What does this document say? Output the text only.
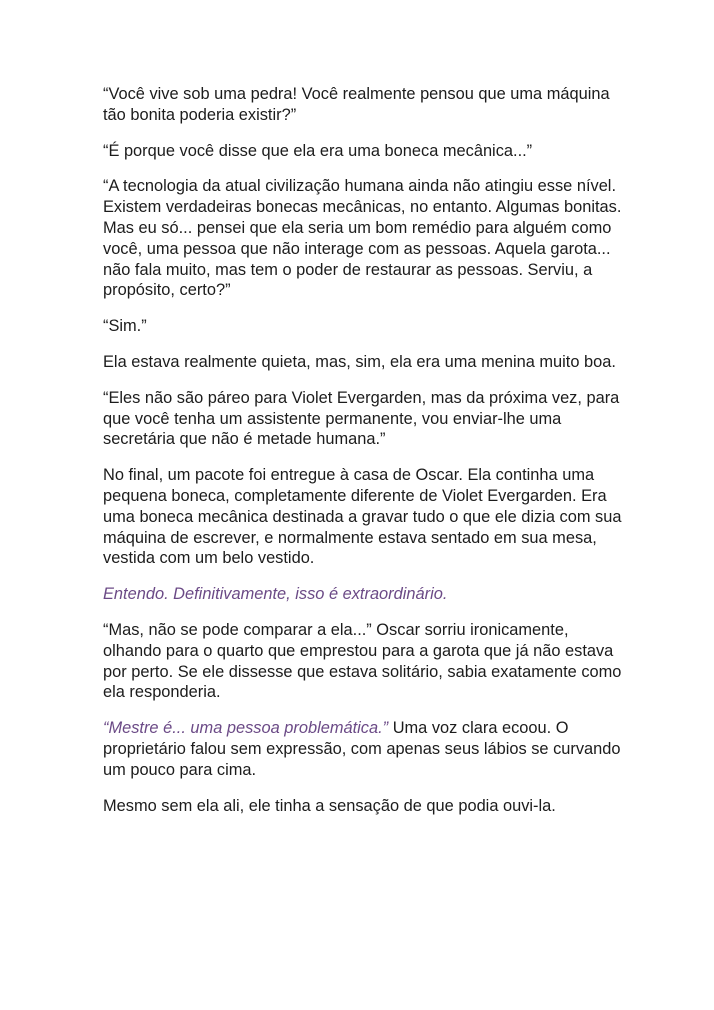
“Você vive sob uma pedra! Você realmente pensou que uma máquina tão bonita poderia existir?”

“É porque você disse que ela era uma boneca mecânica...”

“A tecnologia da atual civilização humana ainda não atingiu esse nível. Existem verdadeiras bonecas mecânicas, no entanto. Algumas bonitas. Mas eu só... pensei que ela seria um bom remédio para alguém como você, uma pessoa que não interage com as pessoas. Aquela garota... não fala muito, mas tem o poder de restaurar as pessoas. Serviu, a propósito, certo?”

“Sim.”

Ela estava realmente quieta, mas, sim, ela era uma menina muito boa.

“Eles não são páreo para Violet Evergarden, mas da próxima vez, para que você tenha um assistente permanente, vou enviar-lhe uma secretária que não é metade humana.”

No final, um pacote foi entregue à casa de Oscar. Ela continha uma pequena boneca, completamente diferente de Violet Evergarden. Era uma boneca mecânica destinada a gravar tudo o que ele dizia com sua máquina de escrever, e normalmente estava sentado em sua mesa, vestida com um belo vestido.

Entendo. Definitivamente, isso é extraordinário.

“Mas, não se pode comparar a ela...” Oscar sorriu ironicamente, olhando para o quarto que emprestou para a garota que já não estava por perto. Se ele dissesse que estava solitário, sabia exatamente como ela responderia.

“Mestre é... uma pessoa problemática.” Uma voz clara ecoou. O proprietário falou sem expressão, com apenas seus lábios se curvando um pouco para cima.

Mesmo sem ela ali, ele tinha a sensação de que podia ouvi-la.
